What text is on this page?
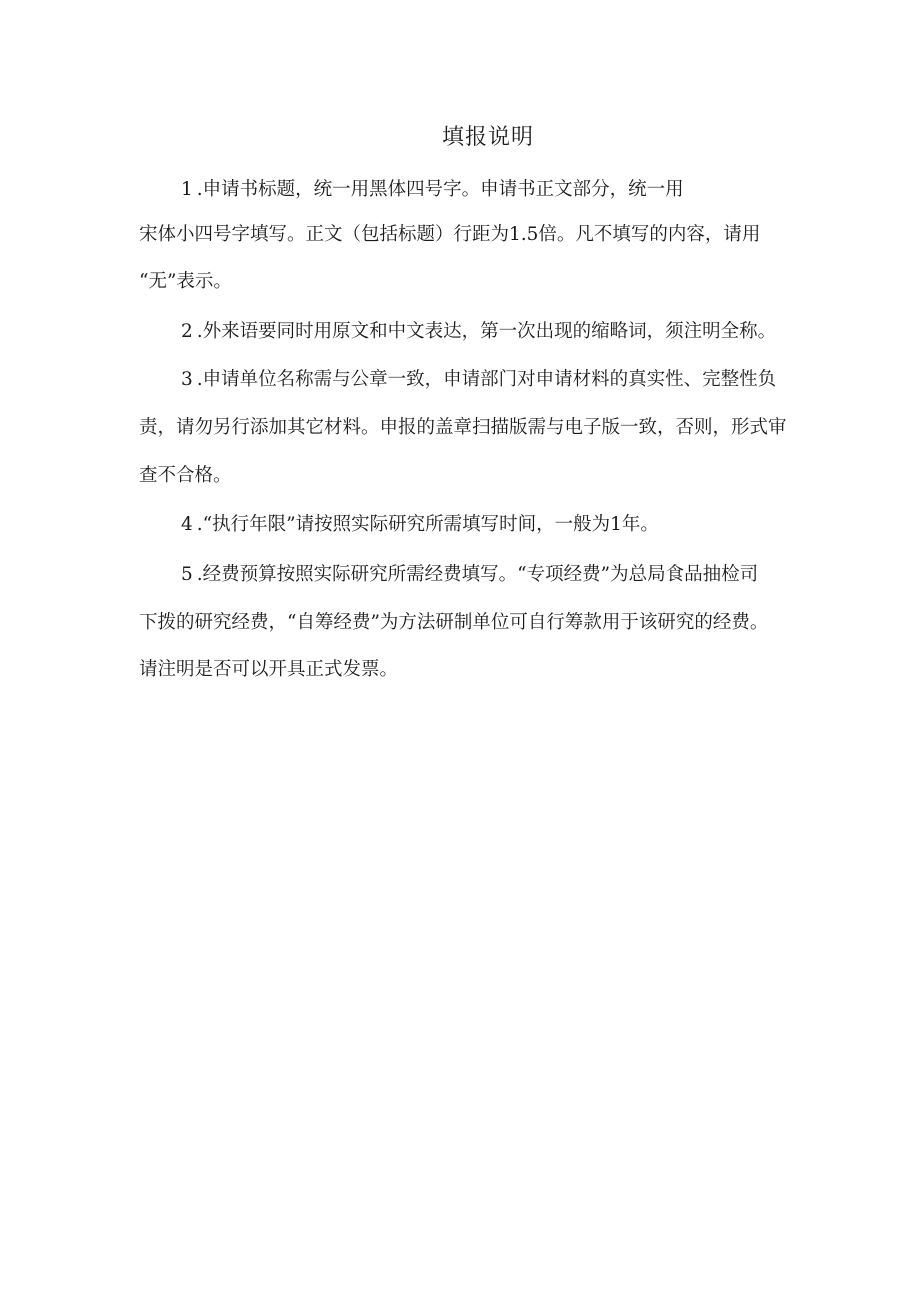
填报说明
1 .申请书标题，统一用黑体四号字。申请书正文部分，统一用
宋体小四号字填写。正文（包括标题）行距为1.5倍。凡不填写的内容，请用
“无”表示。
2 .外来语要同时用原文和中文表达，第一次出现的缩略词，须注明全称。
3 .申请单位名称需与公章一致，申请部门对申请材料的真实性、完整性负
责，请勿另行添加其它材料。申报的盖章扫描版需与电子版一致，否则，形式审
查不合格。
4 .“执行年限”请按照实际研究所需填写时间，一般为1年。
5 .经费预算按照实际研究所需经费填写。“专项经费”为总局食品抽检司
下拨的研究经费，“自筹经费”为方法研制单位可自行筹款用于该研究的经费。
请注明是否可以开具正式发票。
